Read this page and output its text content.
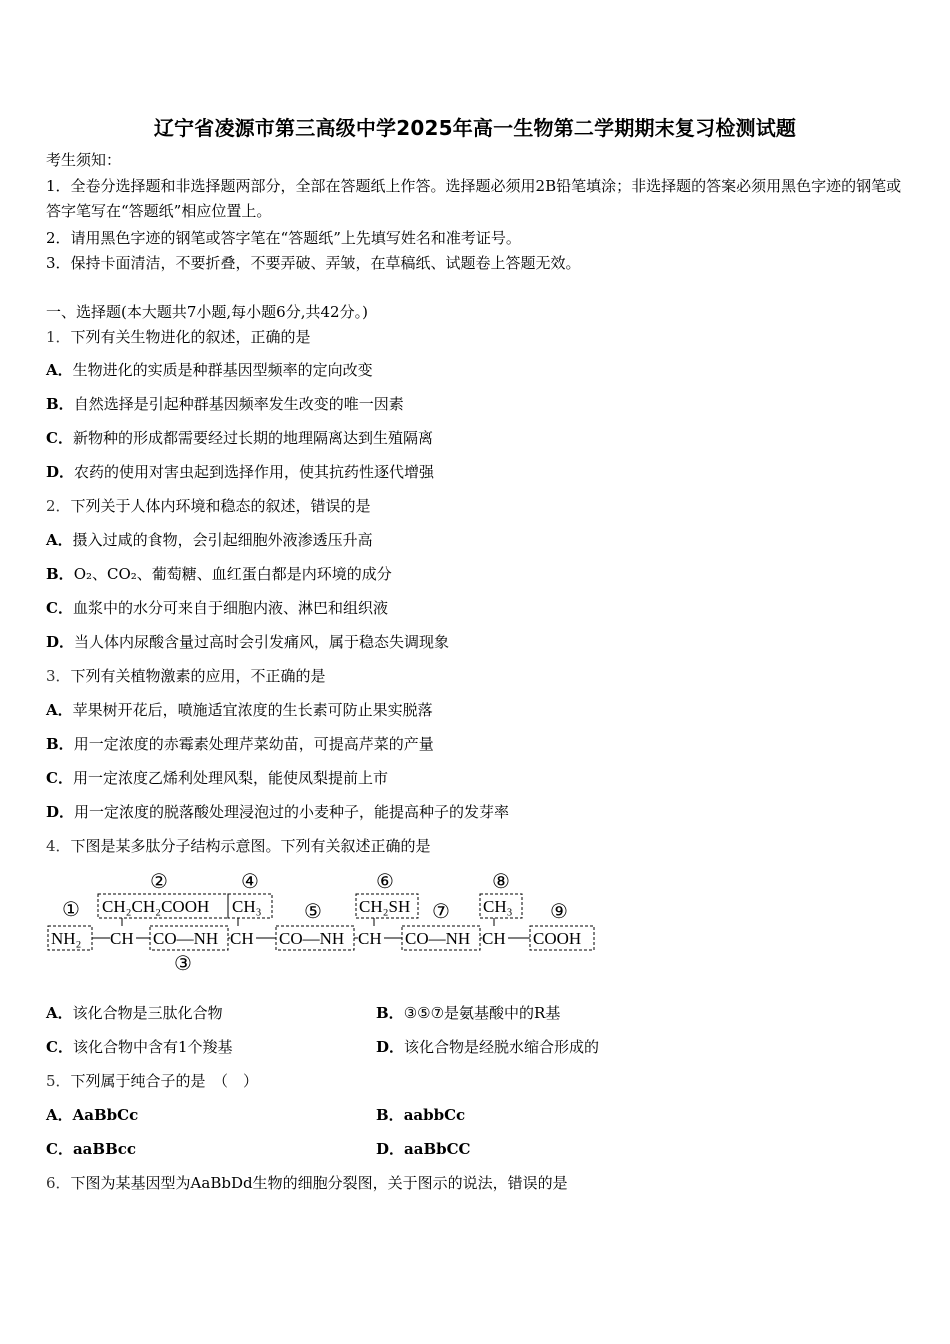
辽宁省凌源市第三高级中学2025年高一生物第二学期期末复习检测试题
考生须知：
1．全卷分选择题和非选择题两部分，全部在答题纸上作答。选择题必须用2B铅笔填涂；非选择题的答案必须用黑色字迹的钢笔或答字笔写在“答题纸”相应位置上。
2．请用黑色字迹的钢笔或答字笔在“答题纸”上先填写姓名和准考证号。
3．保持卡面清洁，不要折叠，不要弄破、弄皱，在草稿纸、试题卷上答题无效。
一、选择题(本大题共7小题,每小题6分,共42分。)
1．下列有关生物进化的叙述，正确的是
A．生物进化的实质是种群基因型频率的定向改变
B．自然选择是引起种群基因频率发生改变的唯一因素
C．新物种的形成都需要经过长期的地理隔离达到生殖隔离
D．农药的使用对害虫起到选择作用，使其抗药性逐代增强
2．下列关于人体内环境和稳态的叙述，错误的是
A．摄入过咸的食物，会引起细胞外液渗透压升高
B．O₂、CO₂、葡萄糖、血红蛋白都是内环境的成分
C．血浆中的水分可来自于细胞内液、淋巴和组织液
D．当人体内尿酸含量过高时会引发痛风，属于稳态失调现象
3．下列有关植物激素的应用，不正确的是
A．苹果树开花后，喷施适宜浓度的生长素可防止果实脱落
B．用一定浓度的赤霉素处理芹菜幼苗，可提高芹菜的产量
C．用一定浓度乙烯利处理风梨，能使凤梨提前上市
D．用一定浓度的脱落酸处理浸泡过的小麦种子，能提高种子的发芽率
4．下图是某多肽分子结构示意图。下列有关叙述正确的是
①
②
③
④
⑤
⑥
⑦
⑧
⑨
CH₂CH₂COOH CH₃	CH₂SH	CH₃
NH₂ CH CO—NH CH CO—NH CH CO—NH CH COOH
A．该化合物是三肽化合物	B．③⑤⑦是氨基酸中的R基
C．该化合物中含有1个羧基	D．该化合物是经脱水缩合形成的
5．下列属于纯合子的是　（　）
A．AaBbCc	B．aabbCc
C．aaBBcc	D．aaBbCC
6．下图为某基因型为AaBbDd生物的细胞分裂图，关于图示的说法，错误的是
